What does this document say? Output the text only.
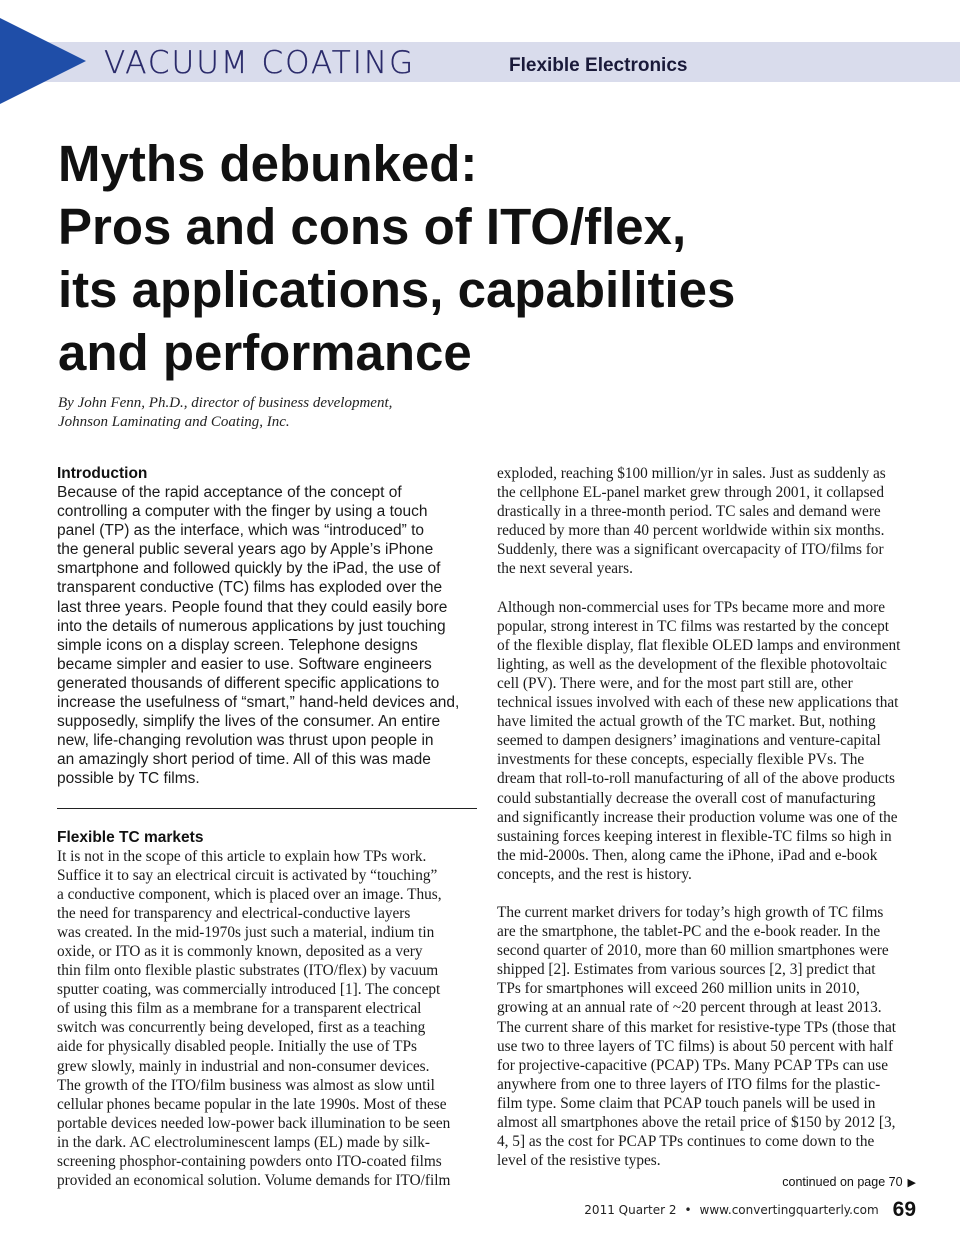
VACUUM COATING	Flexible Electronics
Myths debunked:
Pros and cons of ITO/flex,
its applications, capabilities
and performance
By John Fenn, Ph.D., director of business development,
Johnson Laminating and Coating, Inc.
Introduction
Because of the rapid acceptance of the concept of
controlling a computer with the finger by using a touch
panel (TP) as the interface, which was “introduced” to
the general public several years ago by Apple’s iPhone
smartphone and followed quickly by the iPad, the use of
transparent conductive (TC) films has exploded over the
last three years. People found that they could easily bore
into the details of numerous applications by just touching
simple icons on a display screen. Telephone designs
became simpler and easier to use. Software engineers
generated thousands of different specific applications to
increase the usefulness of “smart,” hand-held devices and,
supposedly, simplify the lives of the consumer. An entire
new, life-changing revolution was thrust upon people in
an amazingly short period of time. All of this was made
possible by TC films.
Flexible TC markets
It is not in the scope of this article to explain how TPs work.
Suffice it to say an electrical circuit is activated by “touching”
a conductive component, which is placed over an image. Thus,
the need for transparency and electrical-conductive layers
was created. In the mid-1970s just such a material, indium tin
oxide, or ITO as it is commonly known, deposited as a very
thin film onto flexible plastic substrates (ITO/flex) by vacuum
sputter coating, was commercially introduced [1]. The concept
of using this film as a membrane for a transparent electrical
switch was concurrently being developed, first as a teaching
aide for physically disabled people. Initially the use of TPs
grew slowly, mainly in industrial and non-consumer devices.
The growth of the ITO/film business was almost as slow until
cellular phones became popular in the late 1990s. Most of these
portable devices needed low-power back illumination to be seen
in the dark. AC electroluminescent lamps (EL) made by silk-
screening phosphor-containing powders onto ITO-coated films
provided an economical solution. Volume demands for ITO/film
exploded, reaching $100 million/yr in sales. Just as suddenly as
the cellphone EL-panel market grew through 2001, it collapsed
drastically in a three-month period. TC sales and demand were
reduced by more than 40 percent worldwide within six months.
Suddenly, there was a significant overcapacity of ITO/films for
the next several years.
Although non-commercial uses for TPs became more and more
popular, strong interest in TC films was restarted by the concept
of the flexible display, flat flexible OLED lamps and environment
lighting, as well as the development of the flexible photovoltaic
cell (PV). There were, and for the most part still are, other
technical issues involved with each of these new applications that
have limited the actual growth of the TC market. But, nothing
seemed to dampen designers’ imaginations and venture-capital
investments for these concepts, especially flexible PVs. The
dream that roll-to-roll manufacturing of all of the above products
could substantially decrease the overall cost of manufacturing
and significantly increase their production volume was one of the
sustaining forces keeping interest in flexible-TC films so high in
the mid-2000s. Then, along came the iPhone, iPad and e-book
concepts, and the rest is history.
The current market drivers for today’s high growth of TC films
are the smartphone, the tablet-PC and the e-book reader. In the
second quarter of 2010, more than 60 million smartphones were
shipped [2]. Estimates from various sources [2, 3] predict that
TPs for smartphones will exceed 260 million units in 2010,
growing at an annual rate of ~20 percent through at least 2013.
The current share of this market for resistive-type TPs (those that
use two to three layers of TC films) is about 50 percent with half
for projective-capacitive (PCAP) TPs. Many PCAP TPs can use
anywhere from one to three layers of ITO films for the plastic-
film type. Some claim that PCAP touch panels will be used in
almost all smartphones above the retail price of $150 by 2012 [3,
4, 5] as the cost for PCAP TPs continues to come down to the
level of the resistive types.
continued on page 70 ▶
2011 Quarter 2 • www.convertingquarterly.com 69
